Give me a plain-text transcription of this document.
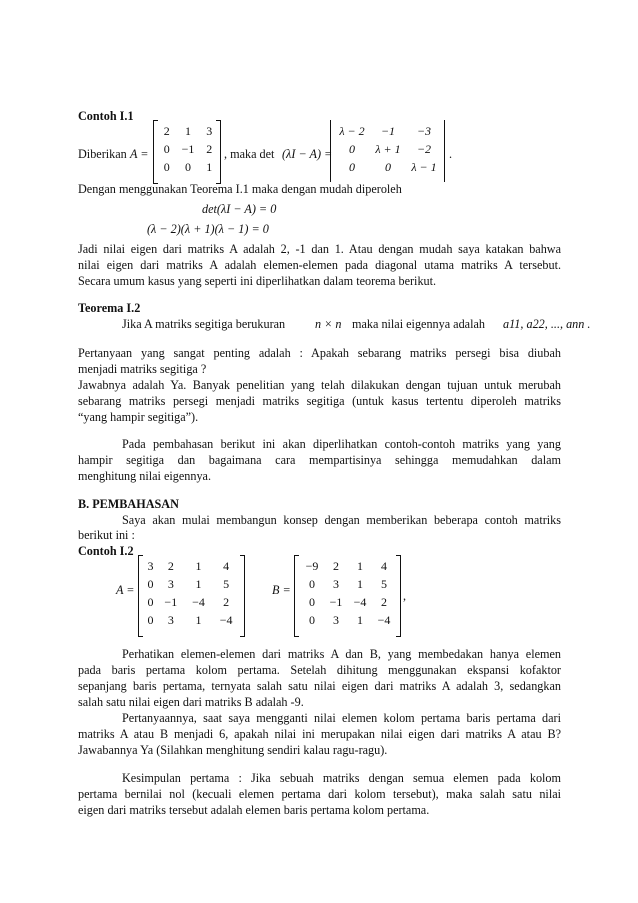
Contoh I.1
Diberikan A =
2	1	3
0	−1	2
0	0	1
, maka det (λI − A) =
λ − 2	−1	−3
0	λ + 1	−2
0	0	λ − 1
.
Dengan menggunakan Teorema I.1 maka dengan mudah diperoleh
det(λI − A) = 0
(λ − 2)(λ + 1)(λ − 1) = 0
Jadi nilai eigen dari matriks A adalah 2, -1 dan 1. Atau dengan mudah saya katakan bahwa
nilai eigen dari matriks A adalah elemen-elemen pada diagonal utama matriks A tersebut.
Secara umum kasus yang seperti ini diperlihatkan dalam teorema berikut.
Teorema I.2
Jika A matriks segitiga berukuran n × n maka nilai eigennya adalah a11, a22, ..., ann .
Pertanyaan yang sangat penting adalah : Apakah sebarang matriks persegi bisa diubah
menjadi matriks segitiga ?
Jawabnya adalah Ya. Banyak penelitian yang telah dilakukan dengan tujuan untuk merubah
sebarang matriks persegi menjadi matriks segitiga (untuk kasus tertentu diperoleh matriks
“yang hampir segitiga”).
Pada pembahasan berikut ini akan diperlihatkan contoh-contoh matriks yang yang
hampir segitiga dan bagaimana cara mempartisinya sehingga memudahkan dalam
menghitung nilai eigennya.
B. PEMBAHASAN
Saya akan mulai membangun konsep dengan memberikan beberapa contoh matriks
berikut ini :
Contoh I.2
A =
3	2	1	4
0	3	1	5
0	−1	−4	2
0	3	1	−4
B =
−9	2	1	4
0	3	1	5
0	−1	−4	2
0	3	1	−4
,
Perhatikan elemen-elemen dari matriks A dan B, yang membedakan hanya elemen
pada baris pertama kolom pertama. Setelah dihitung menggunakan ekspansi kofaktor
sepanjang baris pertama, ternyata salah satu nilai eigen dari matriks A adalah 3, sedangkan
salah satu nilai eigen dari matriks B adalah -9.
Pertanyaannya, saat saya mengganti nilai elemen kolom pertama baris pertama dari
matriks A atau B menjadi 6, apakah nilai ini merupakan nilai eigen dari matriks A atau B?
Jawabannya Ya (Silahkan menghitung sendiri kalau ragu-ragu).
Kesimpulan pertama : Jika sebuah matriks dengan semua elemen pada kolom
pertama bernilai nol (kecuali elemen pertama dari kolom tersebut), maka salah satu nilai
eigen dari matriks tersebut adalah elemen baris pertama kolom pertama.
